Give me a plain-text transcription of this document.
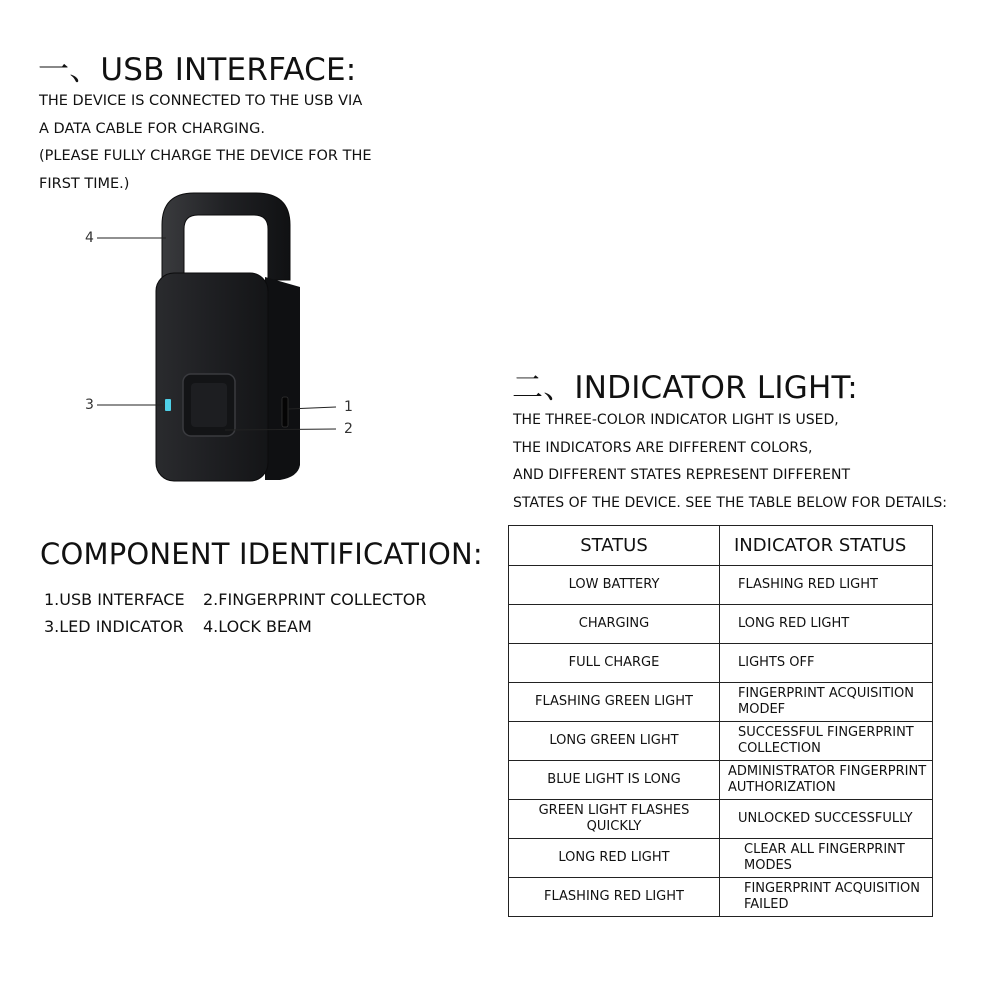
一、USB INTERFACE:
THE DEVICE IS CONNECTED TO THE USB VIA
A DATA CABLE FOR CHARGING.
(PLEASE FULLY CHARGE THE DEVICE FOR THE
FIRST TIME.)
4
3	1
2
COMPONENT IDENTIFICATION:
1.USB INTERFACE 2.FINGERPRINT COLLECTOR
3.LED INDICATOR 4.LOCK BEAM
二、INDICATOR LIGHT:
THE THREE-COLOR INDICATOR LIGHT IS USED,
THE INDICATORS ARE DIFFERENT COLORS,
AND DIFFERENT STATES REPRESENT DIFFERENT
STATES OF THE DEVICE. SEE THE TABLE BELOW FOR DETAILS:
STATUS	INDICATOR STATUS
LOW BATTERY	FLASHING RED LIGHT
CHARGING	LONG RED LIGHT
FULL CHARGE	LIGHTS OFF
FLASHING GREEN LIGHT	FINGERPRINT ACQUISITION MODEF
LONG GREEN LIGHT	SUCCESSFUL FINGERPRINT COLLECTION
BLUE LIGHT IS LONG	ADMINISTRATOR FINGERPRINT AUTHORIZATION
GREEN LIGHT FLASHES QUICKLY	UNLOCKED SUCCESSFULLY
LONG RED LIGHT	CLEAR ALL FINGERPRINT MODES
FLASHING RED LIGHT	FINGERPRINT ACQUISITION FAILED
